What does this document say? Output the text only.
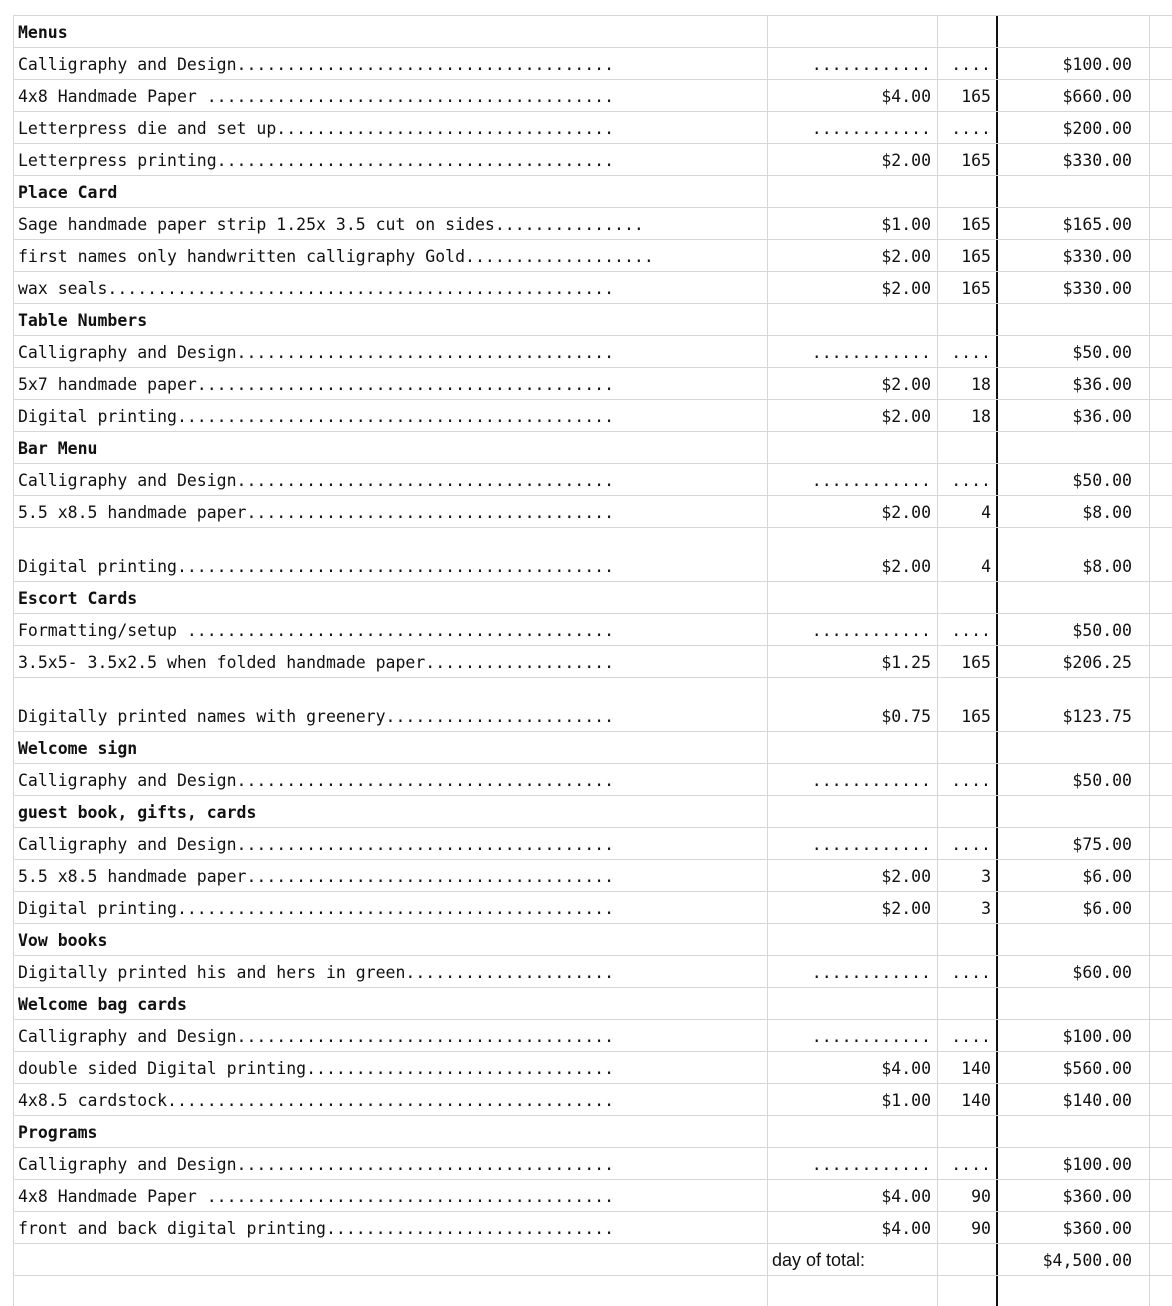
Menus
Calligraphy and Design......................................	............	....	$100.00
4x8 Handmade Paper .........................................	$4.00	165	$660.00
Letterpress die and set up..................................	............	....	$200.00
Letterpress printing........................................	$2.00	165	$330.00
Place Card
Sage handmade paper strip 1.25x 3.5 cut on sides...............	$1.00	165	$165.00
first names only handwritten calligraphy Gold...................	$2.00	165	$330.00
wax seals...................................................	$2.00	165	$330.00
Table Numbers
Calligraphy and Design......................................	............	....	$50.00
5x7 handmade paper..........................................	$2.00	18	$36.00
Digital printing............................................	$2.00	18	$36.00
Bar Menu
Calligraphy and Design......................................	............	....	$50.00
5.5 x8.5 handmade paper.....................................	$2.00	4	$8.00
Digital printing............................................	$2.00	4	$8.00
Escort Cards
Formatting/setup ...........................................	............	....	$50.00
3.5x5- 3.5x2.5 when folded handmade paper...................	$1.25	165	$206.25
Digitally printed names with greenery.......................	$0.75	165	$123.75
Welcome sign
Calligraphy and Design......................................	............	....	$50.00
guest book, gifts, cards
Calligraphy and Design......................................	............	....	$75.00
5.5 x8.5 handmade paper.....................................	$2.00	3	$6.00
Digital printing............................................	$2.00	3	$6.00
Vow books
Digitally printed his and hers in green.....................	............	....	$60.00
Welcome bag cards
Calligraphy and Design......................................	............	....	$100.00
double sided Digital printing...............................	$4.00	140	$560.00
4x8.5 cardstock.............................................	$1.00	140	$140.00
Programs
Calligraphy and Design......................................	............	....	$100.00
4x8 Handmade Paper .........................................	$4.00	90	$360.00
front and back digital printing.............................	$4.00	90	$360.00
day of total:	$4,500.00
